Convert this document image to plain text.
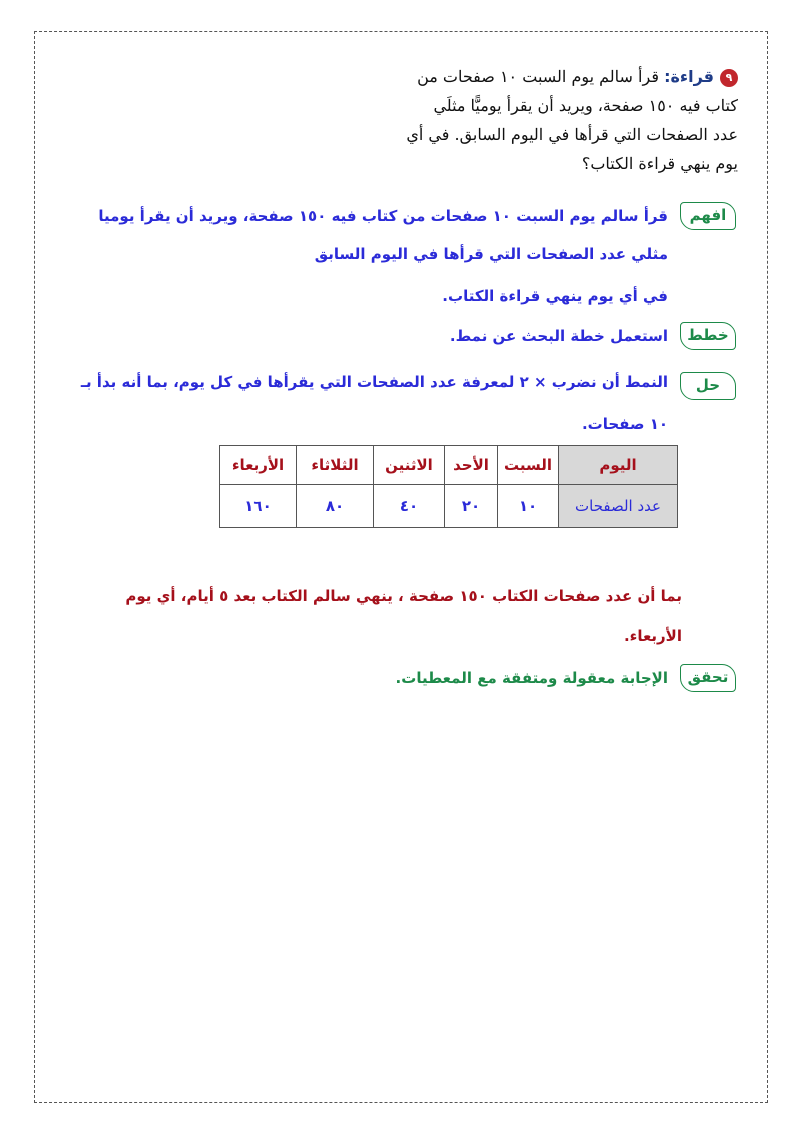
٩قراءة: قرأ سالم يوم السبت ١٠ صفحات من
كتاب فيه ١٥٠ صفحة، ويريد أن يقرأ يوميًّا مثلَي
عدد الصفحات التي قرأها في اليوم السابق. في أي
يوم ينهي قراءة الكتاب؟
افهم
قرأ سالم يوم السبت ١٠ صفحات من كتاب فيه ١٥٠ صفحة، ويريد أن يقرأ يوميا
مثلي عدد الصفحات التي قرأها في اليوم السابق
في أي يوم ينهي قراءة الكتاب.
خطط
استعمل خطة البحث عن نمط.
حل
النمط أن نضرب × ٢ لمعرفة عدد الصفحات التي يقرأها في كل يوم، بما أنه بدأ بـ
١٠ صفحات.
اليوم	السبت	الأحد	الاثنين	الثلاثاء	الأربعاء
عدد الصفحات	١٠	٢٠	٤٠	٨٠	١٦٠
بما أن عدد صفحات الكتاب ١٥٠ صفحة ، ينهي سالم الكتاب بعد ٥ أيام، أي يوم
الأربعاء.
تحقق
الإجابة معقولة ومتفقة مع المعطيات.
